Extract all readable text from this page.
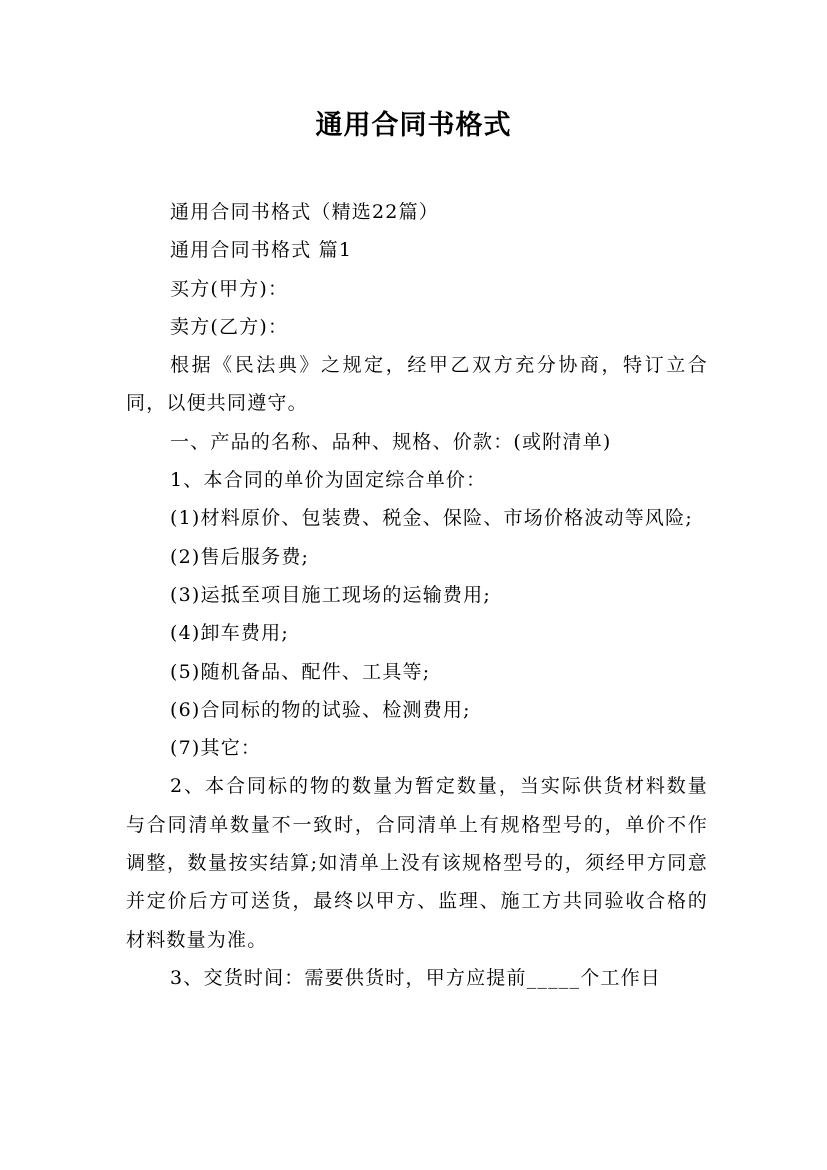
通用合同书格式

通用合同书格式（精选22篇）

通用合同书格式 篇1

买方(甲方)：

卖方(乙方)：

根据《民法典》之规定，经甲乙双方充分协商，特订立合同，以便共同遵守。

一、产品的名称、品种、规格、价款：(或附清单)

1、本合同的单价为固定综合单价：

(1)材料原价、包装费、税金、保险、市场价格波动等风险;

(2)售后服务费;

(3)运抵至项目施工现场的运输费用;

(4)卸车费用;

(5)随机备品、配件、工具等;

(6)合同标的物的试验、检测费用;

(7)其它：

2、本合同标的物的数量为暂定数量，当实际供货材料数量与合同清单数量不一致时，合同清单上有规格型号的，单价不作调整，数量按实结算;如清单上没有该规格型号的，须经甲方同意并定价后方可送货，最终以甲方、监理、施工方共同验收合格的材料数量为准。

3、交货时间：需要供货时，甲方应提前_____个工作日
